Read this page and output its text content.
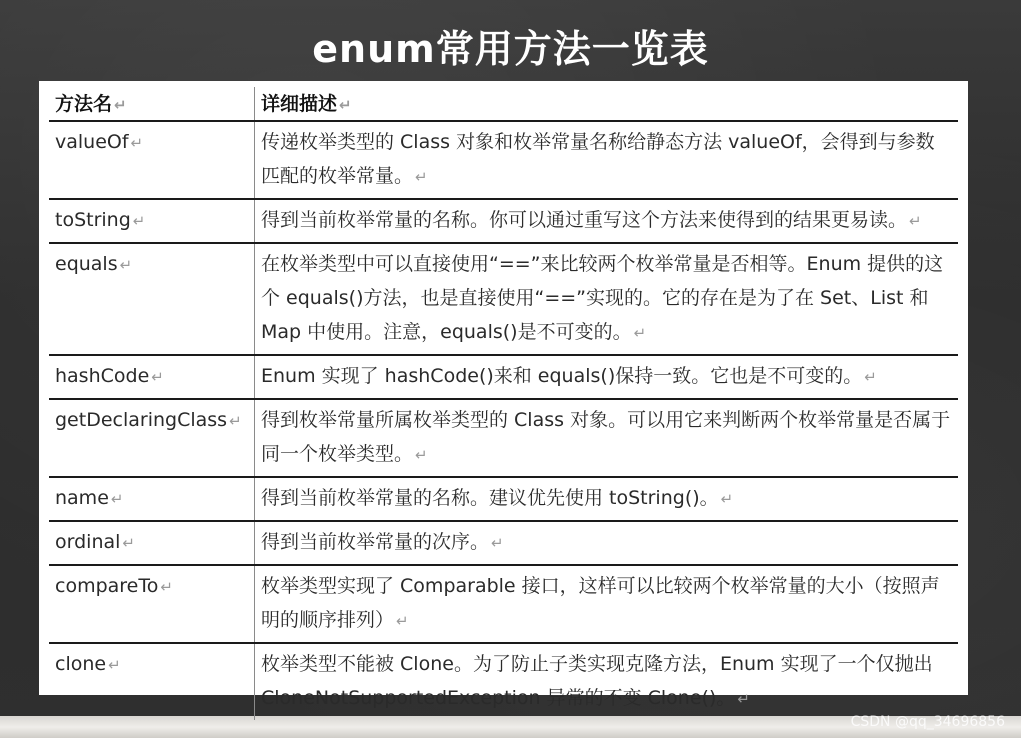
enum常用方法一览表
方法名 ↵	详细描述 ↵
valueOf ↵	传递枚举类型的 Class 对象和枚举常量名称给静态方法 valueOf，会得到与参数匹配的枚举常量。 ↵
toString ↵	得到当前枚举常量的名称。你可以通过重写这个方法来使得到的结果更易读。 ↵
equals ↵	在枚举类型中可以直接使用“==”来比较两个枚举常量是否相等。Enum 提供的这个 equals()方法，也是直接使用“==”实现的。它的存在是为了在 Set、List 和 Map 中使用。注意，equals()是不可变的。 ↵
hashCode ↵	Enum 实现了 hashCode()来和 equals()保持一致。它也是不可变的。 ↵
getDeclaringClass ↵	得到枚举常量所属枚举类型的 Class 对象。可以用它来判断两个枚举常量是否属于同一个枚举类型。 ↵
name ↵	得到当前枚举常量的名称。建议优先使用 toString()。 ↵
ordinal ↵	得到当前枚举常量的次序。 ↵
compareTo ↵	枚举类型实现了 Comparable 接口，这样可以比较两个枚举常量的大小（按照声明的顺序排列） ↵
clone ↵	枚举类型不能被 Clone。为了防止子类实现克隆方法，Enum 实现了一个仅抛出 CloneNotSupportedException 异常的不变 Clone()。 ↵
CSDN @qq_34696856
